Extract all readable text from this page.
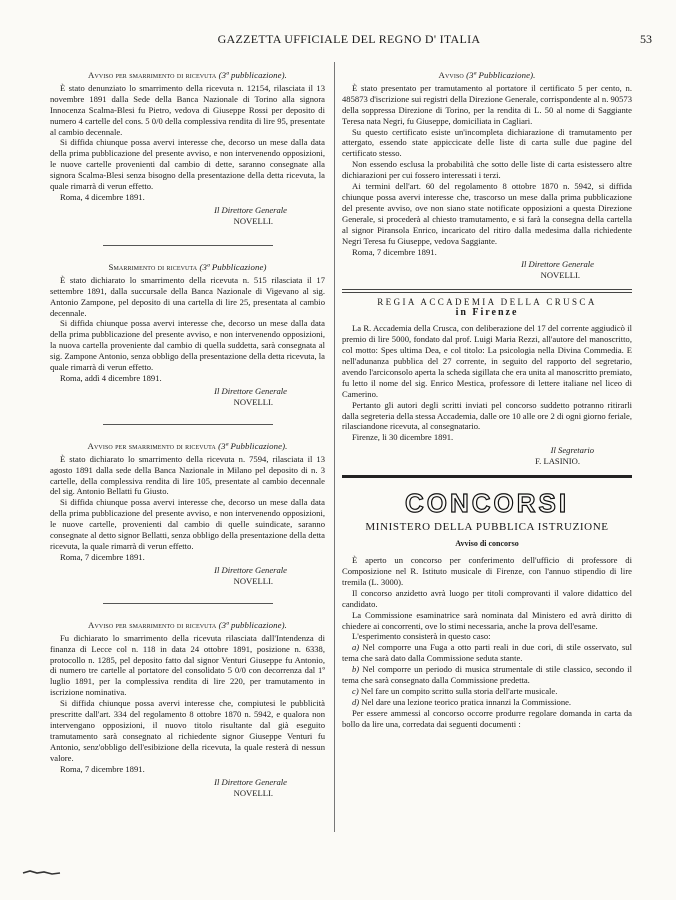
GAZZETTA UFFICIALE DEL REGNO D' ITALIA	53
Avviso per smarrimento di ricevuta (3ª pubblicazione).

È stato denunziato lo smarrimento della ricevuta n. 12154, rilasciata il 13 novembre 1891 dalla Sede della Banca Nazionale di Torino alla signora Innocenza Scalma-Blesi fu Pietro, vedova di Giuseppe Rossi per deposito di numero 4 cartelle del cons. 5 0/0 della complessiva rendita di lire 95, presentate al cambio decennale.

Si diffida chiunque possa avervi interesse che, decorso un mese dalla data della prima pubblicazione del presente avviso, e non intervenendo opposizioni, le nuove cartelle provenienti dal cambio di dette, saranno consegnate alla signora Scalma-Blesi senza bisogno della presentazione della detta ricevuta, la quale rimarrà di verun effetto.

Roma, 4 dicembre 1891.

Il Direttore Generale
NOVELLI.
Smarrimento di ricevuta (3ª Pubblicazione)

È stato dichiarato lo smarrimento della ricevuta n. 515 rilasciata il 17 settembre 1891, dalla succursale della Banca Nazionale di Vigevano al sig. Antonio Zampone, pel deposito di una cartella di lire 25, presentata al cambio decennale.

Si diffida chiunque possa avervi interesse che, decorso un mese dalla data della prima pubblicazione del presente avviso, e non intervenendo opposizioni, la nuova cartella proveniente dal cambio di quella suddetta, sarà consegnata al sig. Zampone Antonio, senza obbligo della presentazione della detta ricevuta, la quale rimarrà di verun effetto.

Roma, addì 4 dicembre 1891.

Il Direttore Generale
NOVELLI.
Avviso per smarrimento di ricevuta (3ª Pubblicazione).

È stato dichiarato lo smarrimento della ricevuta n. 7594, rilasciata il 13 agosto 1891 dalla sede della Banca Nazionale in Milano pel deposito di n. 3 cartelle, della complessiva rendita di lire 105, presentate al cambio decennale del sig. Antonio Bellatti fu Giusto.

Si diffida chiunque possa avervi interesse che, decorso un mese dalla data della prima pubblicazione del presente avviso, e non intervenendo opposizioni, le nuove cartelle, provenienti dal cambio di quelle suindicate, saranno consegnate al detto signor Bellatti, senza obbligo della presentazione della detta ricevuta, la quale rimarrà di verun effetto.

Roma, 7 dicembre 1891.

Il Direttore Generale
NOVELLI.
Avviso per smarrimento di ricevuta (3ª pubblicazione).

Fu dichiarato lo smarrimento della ricevuta rilasciata dall'Intendenza di finanza di Lecce col n. 118 in data 24 ottobre 1891, posizione n. 6338, protocollo n. 1285, pel deposito fatto dal signor Venturi Giuseppe fu Antonio, di numero tre cartelle al portatore del consolidato 5 0/0 con decorrenza dal 1º luglio 1891, per la complessiva rendita di lire 220, per tramutamento in iscrizione nominativa.

Si diffida chiunque possa avervi interesse che, compiutesi le pubblicità prescritte dall'art. 334 del regolamento 8 ottobre 1870 n. 5942, e qualora non intervengano opposizioni, il nuovo titolo risultante dal già eseguito tramutamento sarà consegnato al richiedente signor Giuseppe Venturi fu Antonio, senz'obbligo dell'esibizione della ricevuta, la quale resterà di nessun valore.

Roma, 7 dicembre 1891.

Il Direttore Generale
NOVELLI.
Avviso (3ª Pubblicazione).

È stato presentato per tramutamento al portatore il certificato 5 per cento, n. 485873 d'iscrizione sui registri della Direzione Generale, corrispondente al n. 90573 della soppressa Direzione di Torino, per la rendita di L. 50 al nome di Saggiante Teresa nata Negri, fu Giuseppe, domiciliata in Cagliari.

Su questo certificato esiste un'incompleta dichiarazione di tramutamento per attergato, essendo state appiccicate delle liste di carta sulle due pagine del certificato stesso.

Non essendo esclusa la probabilità che sotto delle liste di carta esistessero altre dichiarazioni per cui fossero interessati i terzi.

Ai termini dell'art. 60 del regolamento 8 ottobre 1870 n. 5942, si diffida chiunque possa avervi interesse che, trascorso un mese dalla prima pubblicazione del presente avviso, ove non siano state notificate opposizioni a questa Direzione Generale, si procederà al chiesto tramutamento, e si farà la consegna della cartella al signor Piransola Enrico, incaricato del ritiro dalla medesima dalla richiedente Negri Teresa fu Giuseppe, vedova Saggiante.

Roma, 7 dicembre 1891.

Il Direttore Generale
NOVELLI.
REGIA ACCADEMIA DELLA CRUSCA
in Firenze

La R. Accademia della Crusca, con deliberazione del 17 del corrente aggiudicò il premio di lire 5000, fondato dal prof. Luigi Maria Rezzi, all'autore del manoscritto, col motto: Spes ultima Dea, e col titolo: La psicologia nella Divina Commedia. E nell'adunanza pubblica del 27 corrente, in seguito del rapporto del segretario, avendo l'arciconsolo aperta la scheda sigillata che era unita al manoscritto premiato, fu letto il nome del sig. Enrico Mestica, professore di lettere italiane nel liceo di Camerino.

Pertanto gli autori degli scritti inviati pel concorso suddetto potranno ritirarli dalla segreteria della stessa Accademia, dalle ore 10 alle ore 2 di ogni giorno feriale, rilasciandone ricevuta, al consegnatario.

Firenze, li 30 dicembre 1891.

Il Segretario
F. LASINIO.
CONCORSI
MINISTERO DELLA PUBBLICA ISTRUZIONE
Avviso di concorso

È aperto un concorso per conferimento dell'ufficio di professore di Composizione nel R. Istituto musicale di Firenze, con l'annuo stipendio di lire tremila (L. 3000).

Il concorso anzidetto avrà luogo per titoli comprovanti il valore didattico del candidato.

La Commissione esaminatrice sarà nominata dal Ministero ed avrà diritto di chiedere ai concorrenti, ove lo stimi necessaria, anche la prova dell'esame.

L'esperimento consisterà in questo caso:

a) Nel comporre una Fuga a otto parti reali in due cori, di stile osservato, sul tema che sarà dato dalla Commissione seduta stante.

b) Nel comporre un periodo di musica strumentale di stile classico, secondo il tema che sarà consegnato dalla Commissione predetta.

c) Nel fare un compito scritto sulla storia dell'arte musicale.

d) Nel dare una lezione teorico pratica innanzi la Commissione.

Per essere ammessi al concorso occorre produrre regolare domanda in carta da bollo da lire una, corredata dai seguenti documenti :
